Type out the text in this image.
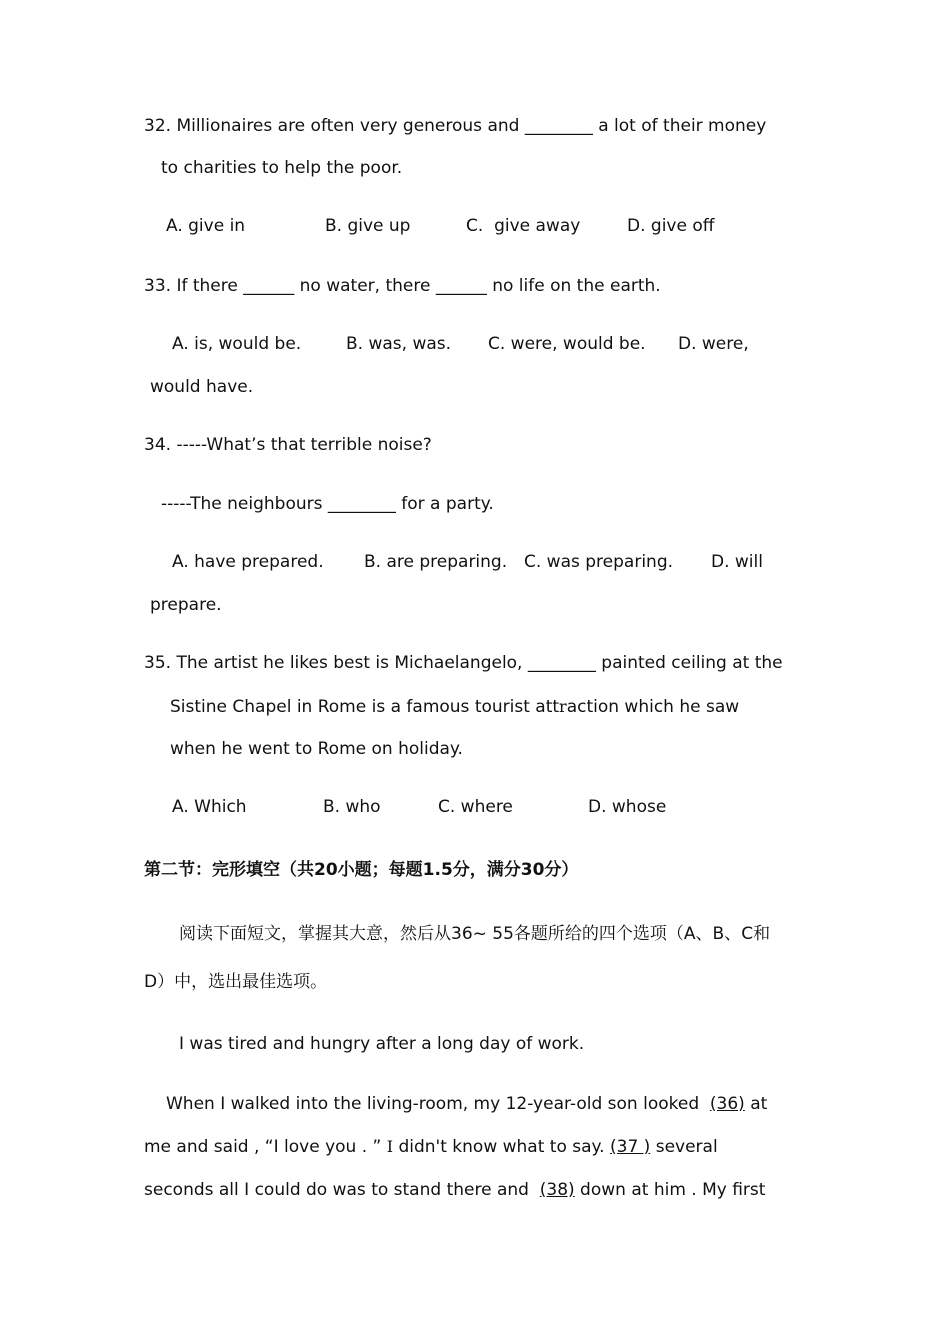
32. Millionaires are often very generous and ________ a lot of their money
to charities to help the poor.
A. give in	B. give up	C.  give away	D. give off
33. If there ______ no water, there ______ no life on the earth.
A. is, would be.	B. was, was. C. were, would be. D. were,
would have.
34. -----What’s that terrible noise?
-----The neighbours ________ for a party.
A. have prepared. B. are preparing. C. was preparing. D. will
prepare.
35. The artist he likes best is Michaelangelo, ________ painted ceiling at the
Sistine Chapel in Rome is a famous tourist attraction which he saw
when he went to Rome on holiday.
A. Which	B. who	C. where	D. whose
第二节：完形填空（共20小题；每题1.5分，满分30分）
阅读下面短文，掌握其大意，然后从36~ 55各题所给的四个选项（A、B、C和
D）中，选出最佳选项。
I was tired and hungry after a long day of work.
When I walked into the living-room, my 12-year-old son looked  (36) at
me and said , “I love you . ” I didn't know what to say. (37 ) several
seconds all I could do was to stand there and  (38) down at him . My first
